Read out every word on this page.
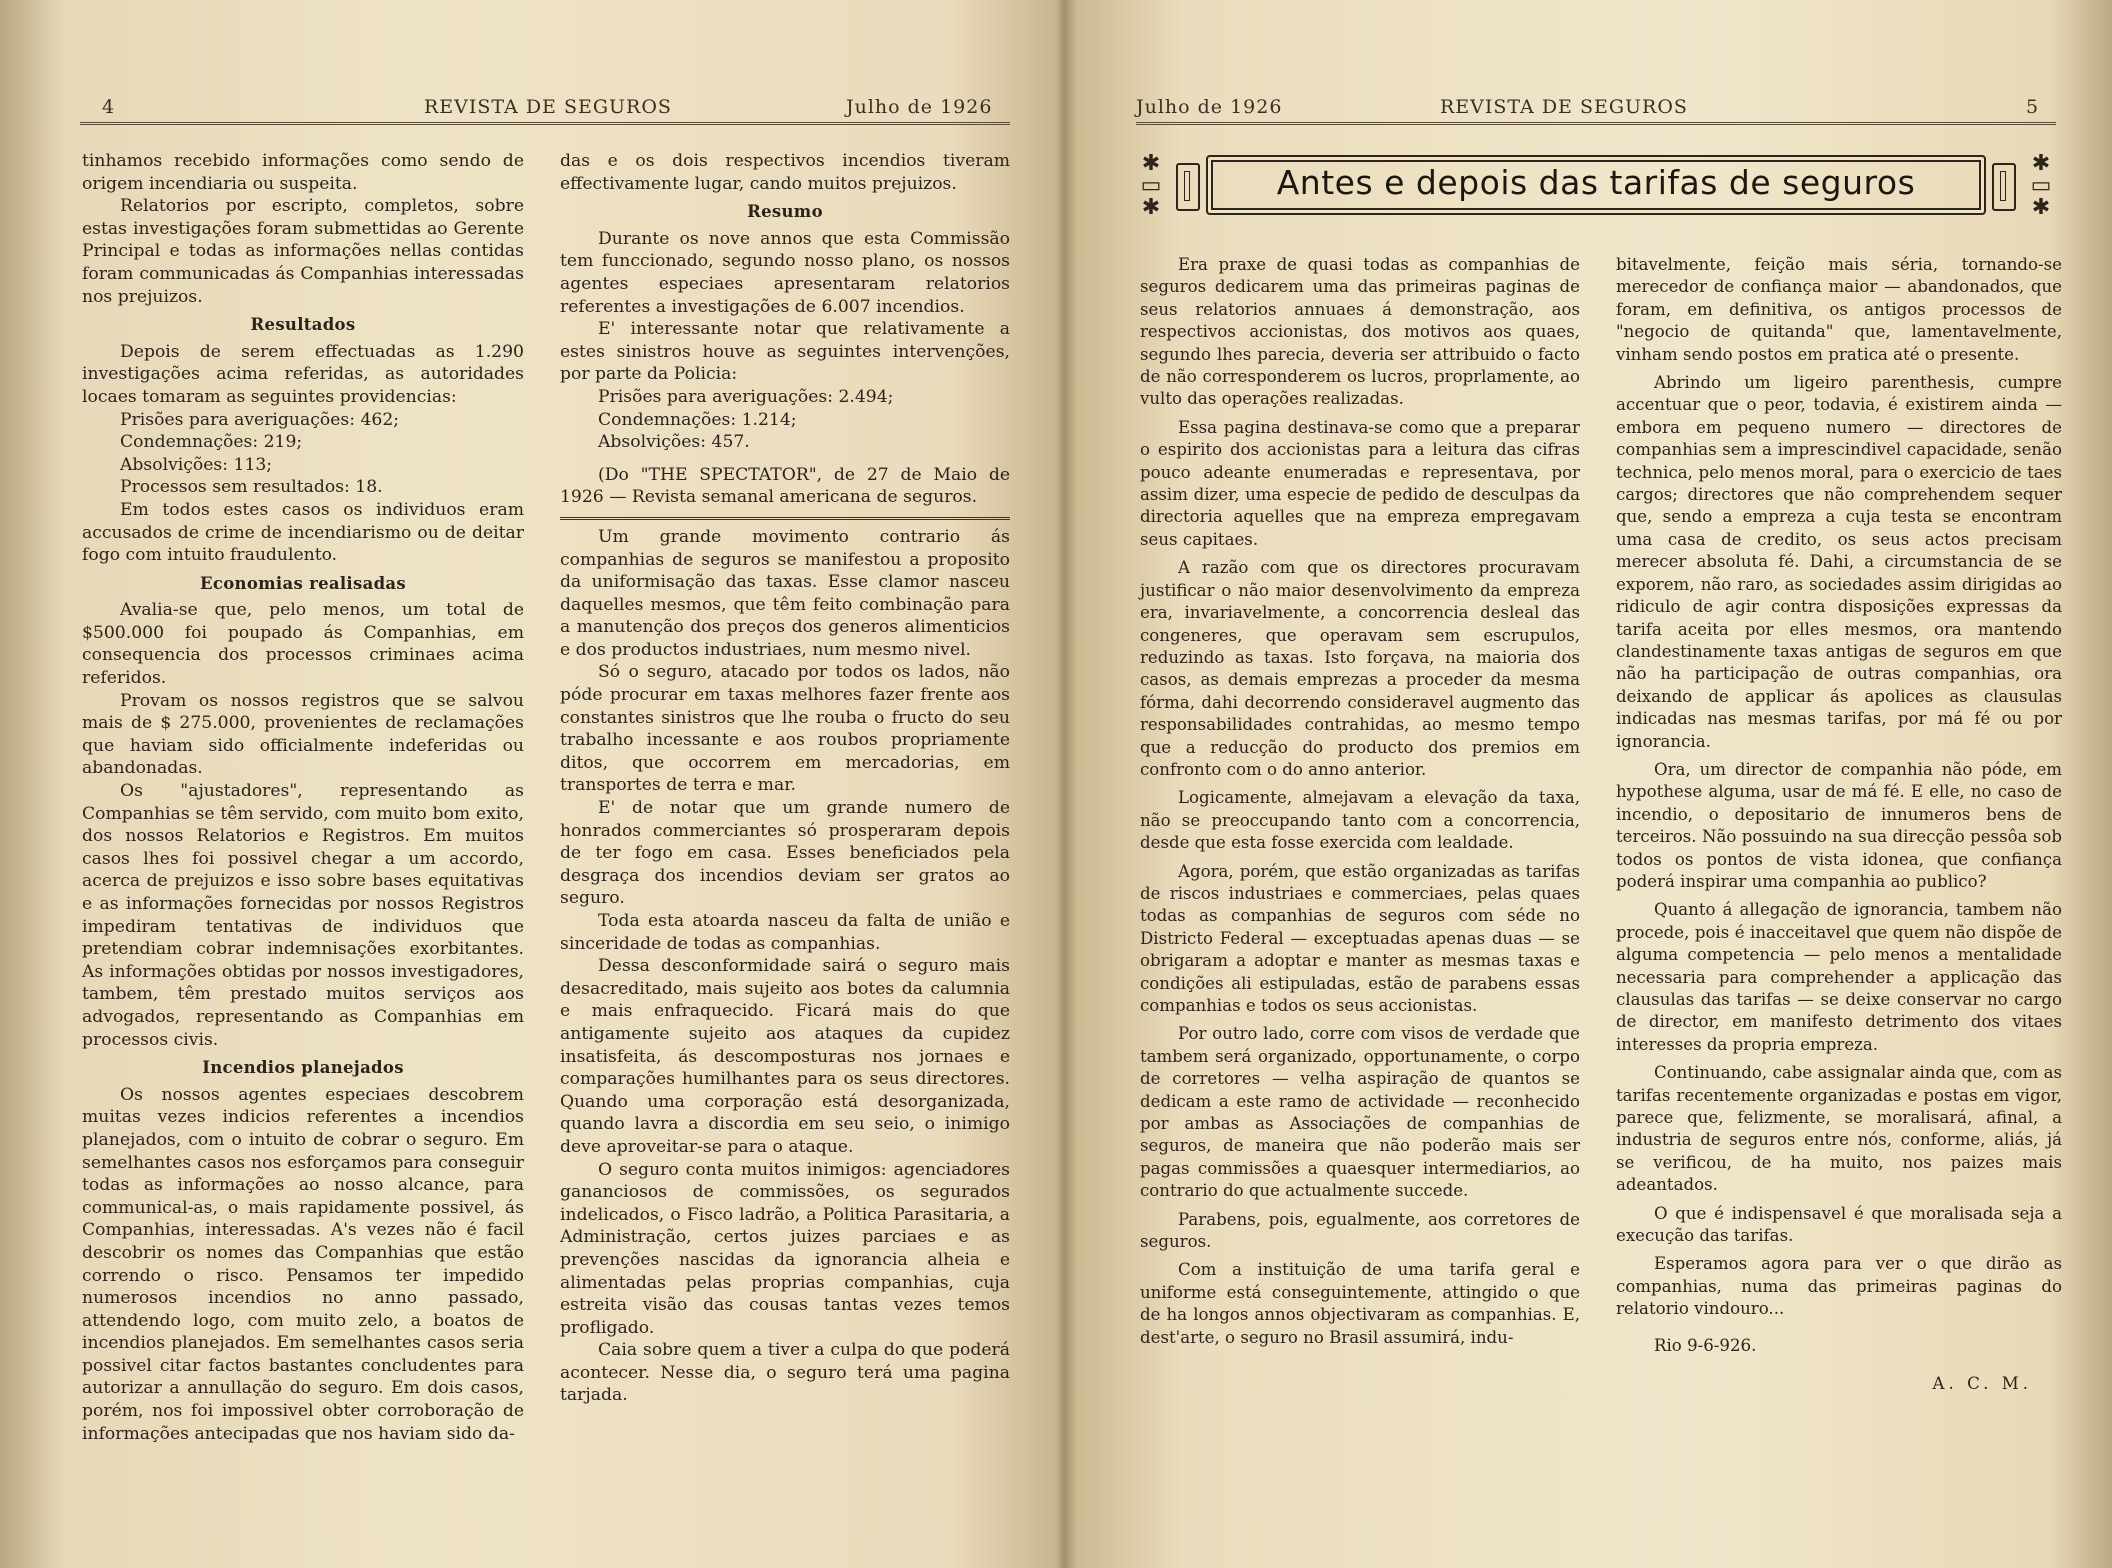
4	REVISTA DE SEGUROS	Julho de 1926

tinhamos recebido informações como sendo de origem incendiaria ou suspeita.

Relatorios por escripto, completos, sobre estas investigações foram submettidas ao Gerente Principal e todas as informações nellas contidas foram communicadas ás Companhias interessadas nos prejuizos.

Resultados

Depois de serem effectuadas as 1.290 investigações acima referidas, as autoridades locaes tomaram as seguintes providencias:

Prisões para averiguações: 462;

Condemnações: 219;

Absolvições: 113;

Processos sem resultados: 18.

Em todos estes casos os individuos eram accusados de crime de incendiarismo ou de deitar fogo com intuito fraudulento.

Economias realisadas

Avalia-se que, pelo menos, um total de $500.000 foi poupado ás Companhias, em consequencia dos processos criminaes acima referidos.

Provam os nossos registros que se salvou mais de $ 275.000, provenientes de reclamações que haviam sido officialmente indeferidas ou abandonadas.

Os "ajustadores", representando as Companhias se têm servido, com muito bom exito, dos nossos Relatorios e Registros. Em muitos casos lhes foi possivel chegar a um accordo, acerca de prejuizos e isso sobre bases equitativas e as informações fornecidas por nossos Registros impediram tentativas de individuos que pretendiam cobrar indemnisações exorbitantes. As informações obtidas por nossos investigadores, tambem, têm prestado muitos serviços aos advogados, representando as Companhias em processos civis.

Incendios planejados

Os nossos agentes especiaes descobrem muitas vezes indicios referentes a incendios planejados, com o intuito de cobrar o seguro. Em semelhantes casos nos esforçamos para conseguir todas as informações ao nosso alcance, para communical-as, o mais rapidamente possivel, ás Companhias, interessadas. A's vezes não é facil descobrir os nomes das Companhias que estão correndo o risco. Pensamos ter impedido numerosos incendios no anno passado, attendendo logo, com muito zelo, a boatos de incendios planejados. Em semelhantes casos seria possivel citar factos bastantes concludentes para autorizar a annullação do seguro. Em dois casos, porém, nos foi impossivel obter corroboração de informações antecipadas que nos haviam sido da-

das e os dois respectivos incendios tiveram effectivamente lugar, cando muitos prejuizos.

Resumo

Durante os nove annos que esta Commissão tem funccionado, segundo nosso plano, os nossos agentes especiaes apresentaram relatorios referentes a investigações de 6.007 incendios.

E' interessante notar que relativamente a estes sinistros houve as seguintes intervenções, por parte da Policia:

Prisões para averiguações: 2.494;

Condemnações: 1.214;

Absolvições: 457.

(Do "THE SPECTATOR", de 27 de Maio de 1926 — Revista semanal americana de seguros.

Um grande movimento contrario ás companhias de seguros se manifestou a proposito da uniformisação das taxas. Esse clamor nasceu daquelles mesmos, que têm feito combinação para a manutenção dos preços dos generos alimenticios e dos productos industriaes, num mesmo nivel.

Só o seguro, atacado por todos os lados, não póde procurar em taxas melhores fazer frente aos constantes sinistros que lhe rouba o fructo do seu trabalho incessante e aos roubos propriamente ditos, que occorrem em mercadorias, em transportes de terra e mar.

E' de notar que um grande numero de honrados commerciantes só prosperaram depois de ter fogo em casa. Esses beneficiados pela desgraça dos incendios deviam ser gratos ao seguro.

Toda esta atoarda nasceu da falta de união e sinceridade de todas as companhias.

Dessa desconformidade sairá o seguro mais desacreditado, mais sujeito aos botes da calumnia e mais enfraquecido. Ficará mais do que antigamente sujeito aos ataques da cupidez insatisfeita, ás descomposturas nos jornaes e comparações humilhantes para os seus directores. Quando uma corporação está desorganizada, quando lavra a discordia em seu seio, o inimigo deve aproveitar-se para o ataque.

O seguro conta muitos inimigos: agenciadores gananciosos de commissões, os segurados indelicados, o Fisco ladrão, a Politica Parasitaria, a Administração, certos juizes parciaes e as prevenções nascidas da ignorancia alheia e alimentadas pelas proprias companhias, cuja estreita visão das cousas tantas vezes temos profligado.

Caia sobre quem a tiver a culpa do que poderá acontecer. Nesse dia, o seguro terá uma pagina tarjada.

Julho de 1926	REVISTA DE SEGUROS	5
✱
▭
✱
Antes e depois das tarifas de seguros	✱
▭
✱

Era praxe de quasi todas as companhias de seguros dedicarem uma das primeiras paginas de seus relatorios annuaes á demonstração, aos respectivos accionistas, dos motivos aos quaes, segundo lhes parecia, deveria ser attribuido o facto de não corresponderem os lucros, proprlamente, ao vulto das operações realizadas.

Essa pagina destinava-se como que a preparar o espirito dos accionistas para a leitura das cifras pouco adeante enumeradas e representava, por assim dizer, uma especie de pedido de desculpas da directoria aquelles que na empreza empregavam seus capitaes.

A razão com que os directores procuravam justificar o não maior desenvolvimento da empreza era, invariavelmente, a concorrencia desleal das congeneres, que operavam sem escrupulos, reduzindo as taxas. Isto forçava, na maioria dos casos, as demais emprezas a proceder da mesma fórma, dahi decorrendo consideravel augmento das responsabilidades contrahidas, ao mesmo tempo que a reducção do producto dos premios em confronto com o do anno anterior.

Logicamente, almejavam a elevação da taxa, não se preoccupando tanto com a concorrencia, desde que esta fosse exercida com lealdade.

Agora, porém, que estão organizadas as tarifas de riscos industriaes e commerciaes, pelas quaes todas as companhias de seguros com séde no Districto Federal — exceptuadas apenas duas — se obrigaram a adoptar e manter as mesmas taxas e condições ali estipuladas, estão de parabens essas companhias e todos os seus accionistas.

Por outro lado, corre com visos de verdade que tambem será organizado, opportunamente, o corpo de corretores — velha aspiração de quantos se dedicam a este ramo de actividade — reconhecido por ambas as Associações de companhias de seguros, de maneira que não poderão mais ser pagas commissões a quaesquer intermediarios, ao contrario do que actualmente succede.

Parabens, pois, egualmente, aos corretores de seguros.

Com a instituição de uma tarifa geral e uniforme está conseguintemente, attingido o que de ha longos annos objectivaram as companhias. E, dest'arte, o seguro no Brasil assumirá, indu-

bitavelmente, feição mais séria, tornando-se merecedor de confiança maior — abandonados, que foram, em definitiva, os antigos processos de "negocio de quitanda" que, lamentavelmente, vinham sendo postos em pratica até o presente.

Abrindo um ligeiro parenthesis, cumpre accentuar que o peor, todavia, é existirem ainda — embora em pequeno numero — directores de companhias sem a imprescindivel capacidade, senão technica, pelo menos moral, para o exercicio de taes cargos; directores que não comprehendem sequer que, sendo a empreza a cuja testa se encontram uma casa de credito, os seus actos precisam merecer absoluta fé. Dahi, a circumstancia de se exporem, não raro, as sociedades assim dirigidas ao ridiculo de agir contra disposições expressas da tarifa aceita por elles mesmos, ora mantendo clandestinamente taxas antigas de seguros em que não ha participação de outras companhias, ora deixando de applicar ás apolices as clausulas indicadas nas mesmas tarifas, por má fé ou por ignorancia.

Ora, um director de companhia não póde, em hypothese alguma, usar de má fé. E elle, no caso de incendio, o depositario de innumeros bens de terceiros. Não possuindo na sua direcção pessôa sob todos os pontos de vista idonea, que confiança poderá inspirar uma companhia ao publico?

Quanto á allegação de ignorancia, tambem não procede, pois é inacceitavel que quem não dispõe de alguma competencia — pelo menos a mentalidade necessaria para comprehender a applicação das clausulas das tarifas — se deixe conservar no cargo de director, em manifesto detrimento dos vitaes interesses da propria empreza.

Continuando, cabe assignalar ainda que, com as tarifas recentemente organizadas e postas em vigor, parece que, felizmente, se moralisará, afinal, a industria de seguros entre nós, conforme, aliás, já se verificou, de ha muito, nos paizes mais adeantados.

O que é indispensavel é que moralisada seja a execução das tarifas.

Esperamos agora para ver o que dirão as companhias, numa das primeiras paginas do relatorio vindouro...

Rio 9-6-926.

A. C. M.
